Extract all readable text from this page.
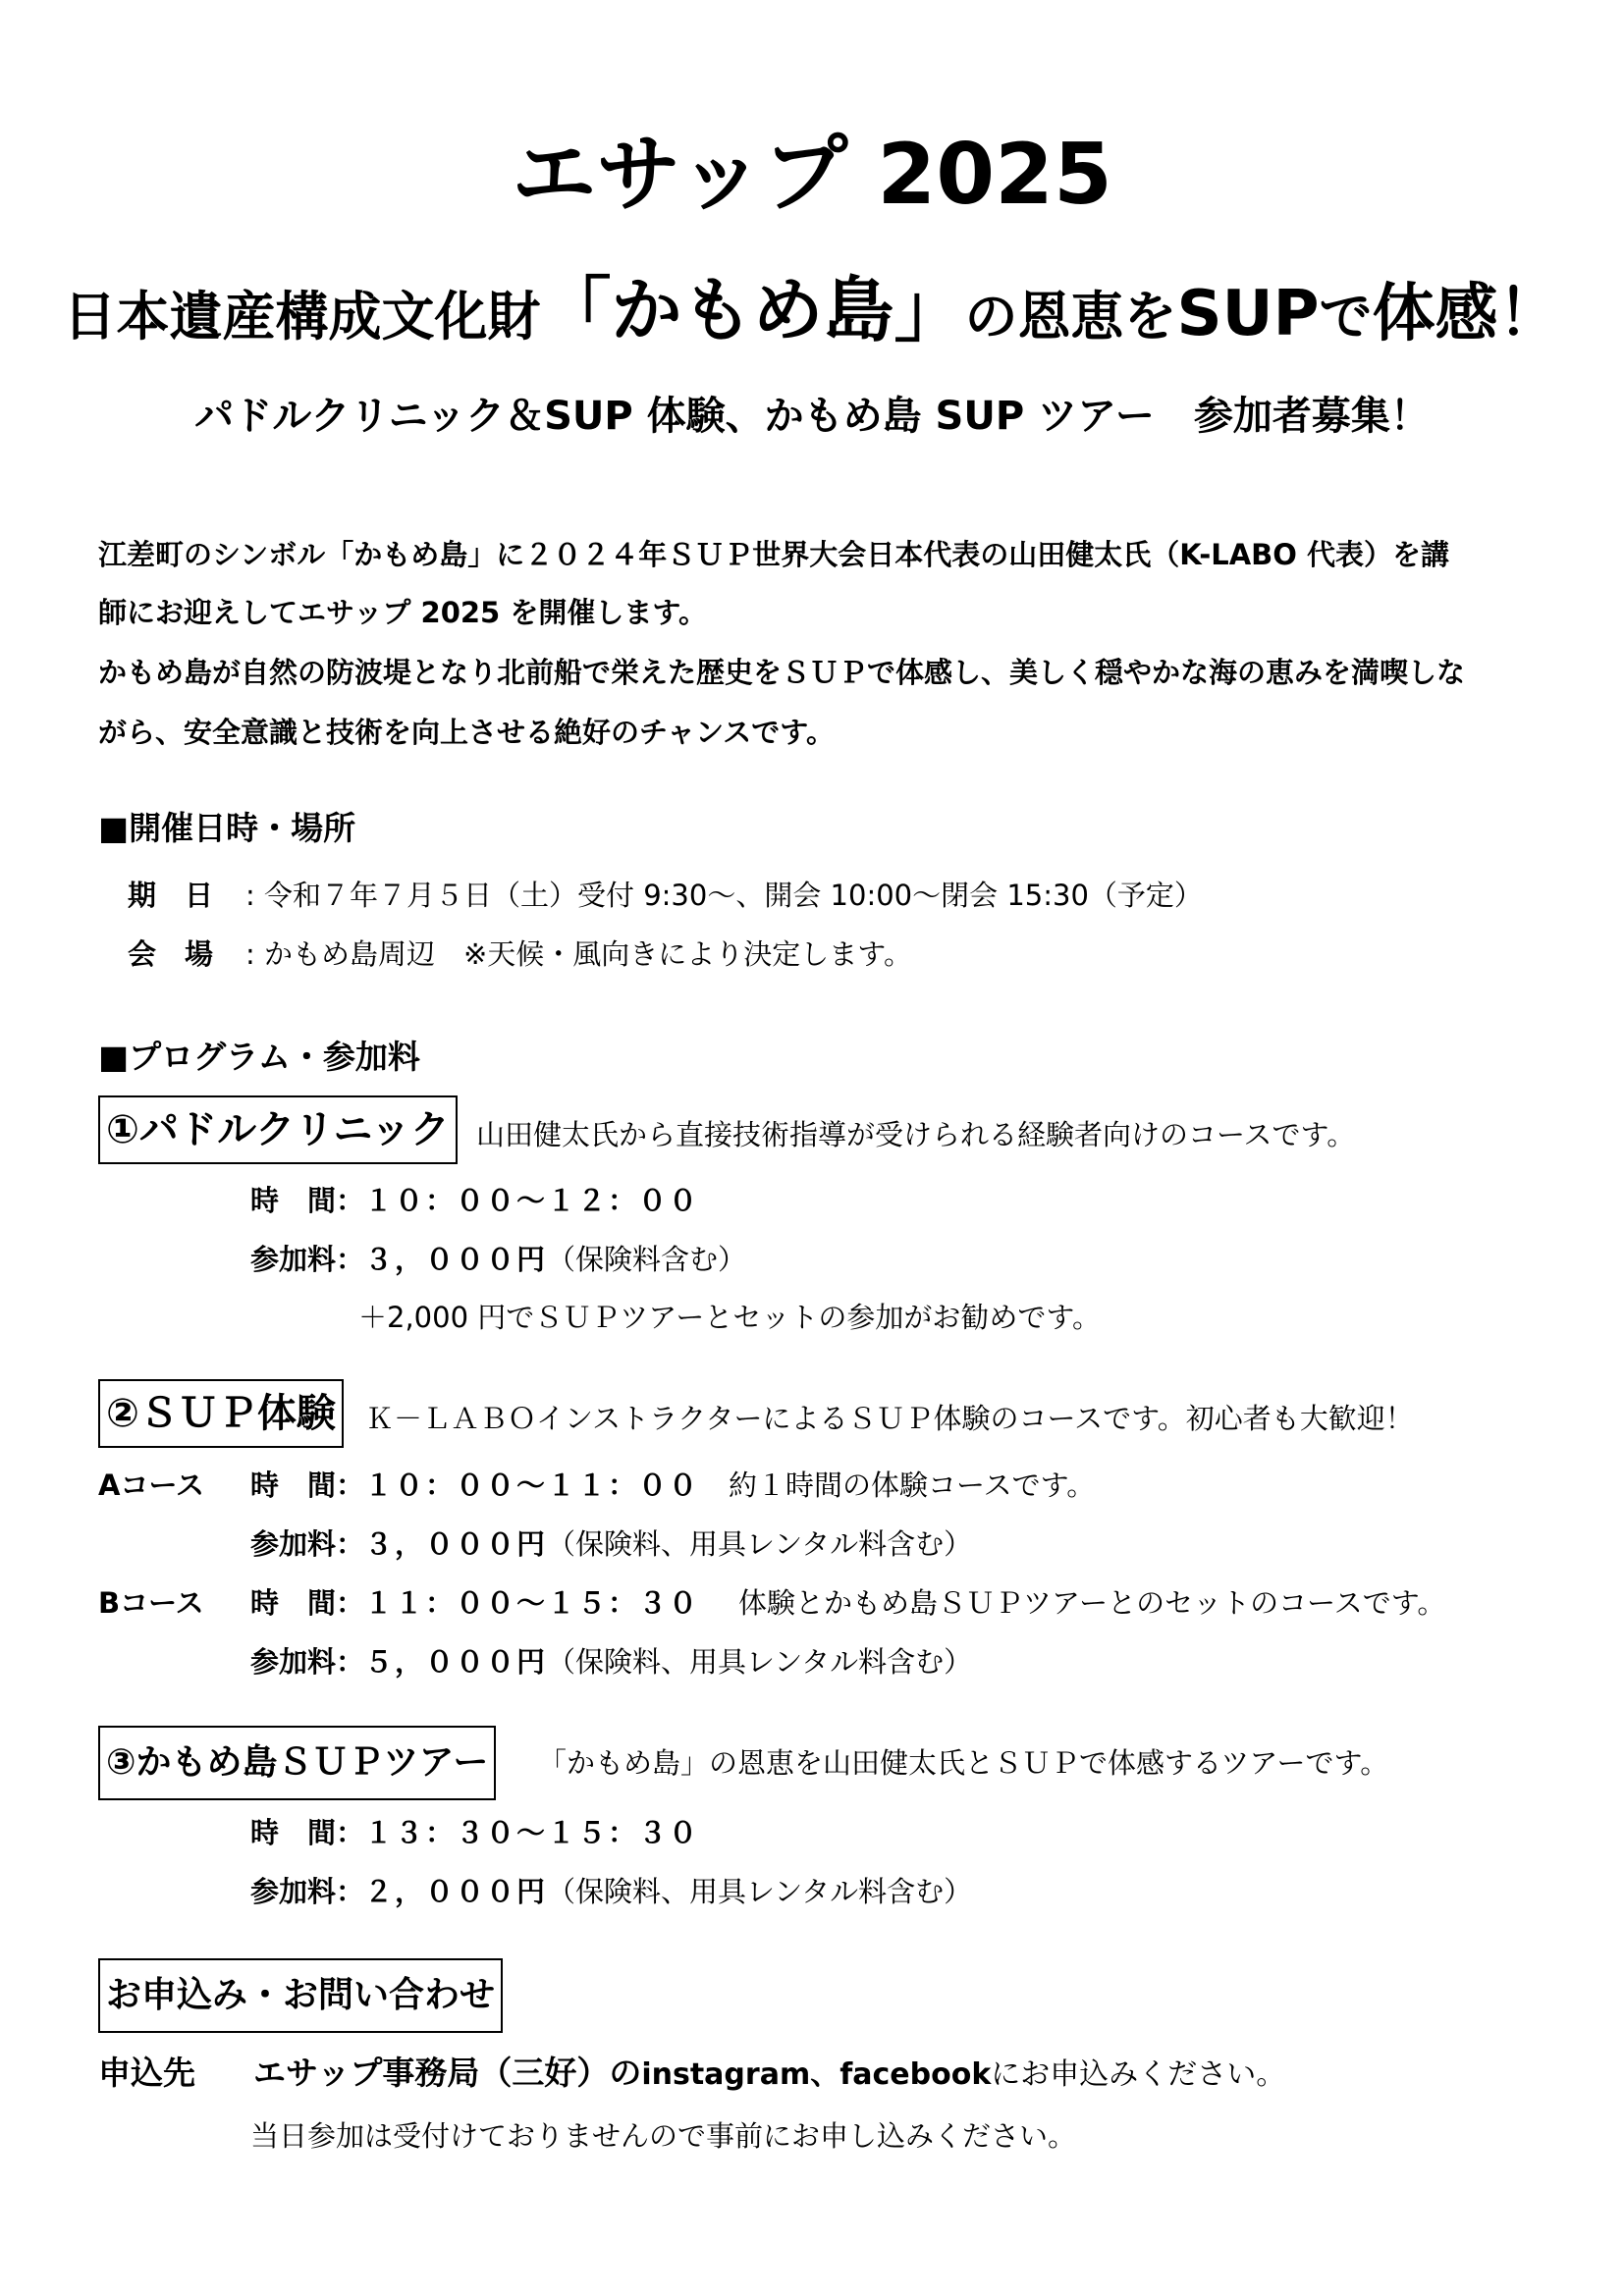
エサップ 2025
日本遺産構成文化財「かもめ島」の恩恵をSUPで体感！
パドルクリニック＆SUP 体験、かもめ島 SUP ツアー　参加者募集！
江差町のシンボル「かもめ島」に２０２４年ＳＵＰ世界大会日本代表の山田健太氏（K-LABO 代表）を講
師にお迎えしてエサップ 2025 を開催します。
かもめ島が自然の防波堤となり北前船で栄えた歴史をＳＵＰで体感し、美しく穏やかな海の恵みを満喫しな
がら、安全意識と技術を向上させる絶好のチャンスです。
■開催日時・場所
期　日 : 令和７年７月５日（土）受付 9:30～、開会 10:00～閉会 15:30（予定）
会　場 : かもめ島周辺　※天候・風向きにより決定します。
■プログラム・参加料
①パドルクリニック 山田健太氏から直接技術指導が受けられる経験者向けのコースです。
時　間：１０：００～１２：００
参加料：３，０００円（保険料含む）
＋2,000 円でＳＵＰツアーとセットの参加がお勧めです。
②ＳＵＰ体験 Ｋ－ＬＡＢＯインストラクターによるＳＵＰ体験のコースです。初心者も大歓迎！
Aコース 時　間：１０：００～１１：００ 約１時間の体験コースです。
参加料：３，０００円（保険料、用具レンタル料含む）
Bコース 時　間：１１：００～１５：３０ 体験とかもめ島ＳＵＰツアーとのセットのコースです。
参加料：５，０００円（保険料、用具レンタル料含む）
③かもめ島ＳＵＰツアー 「かもめ島」の恩恵を山田健太氏とＳＵＰで体感するツアーです。
時　間：１３：３０～１５：３０
参加料：２，０００円（保険料、用具レンタル料含む）
お申込み・お問い合わせ
申込先 エサップ事務局（三好）のinstagram、facebookにお申込みください。
当日参加は受付けておりませんので事前にお申し込みください。
